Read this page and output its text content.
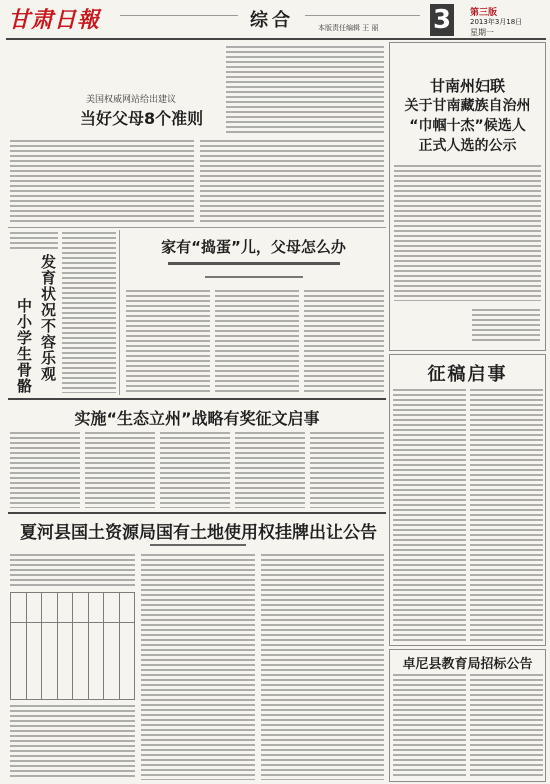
甘肃日報	综合	本版责任编辑 王 丽 3	第三版
2013年3月18日
星期一
美国权威网站给出建议
当好父母8个准则
中小学生骨骼 发育状况不容乐观
家有“捣蛋”儿，父母怎么办
实施“生态立州”战略有奖征文启事
夏河县国土资源局国有土地使用权挂牌出让公告

甘南州妇联
关于甘南藏族自治州
“巾帼十杰”候选人
正式人选的公示
征稿启事
卓尼县教育局招标公告
